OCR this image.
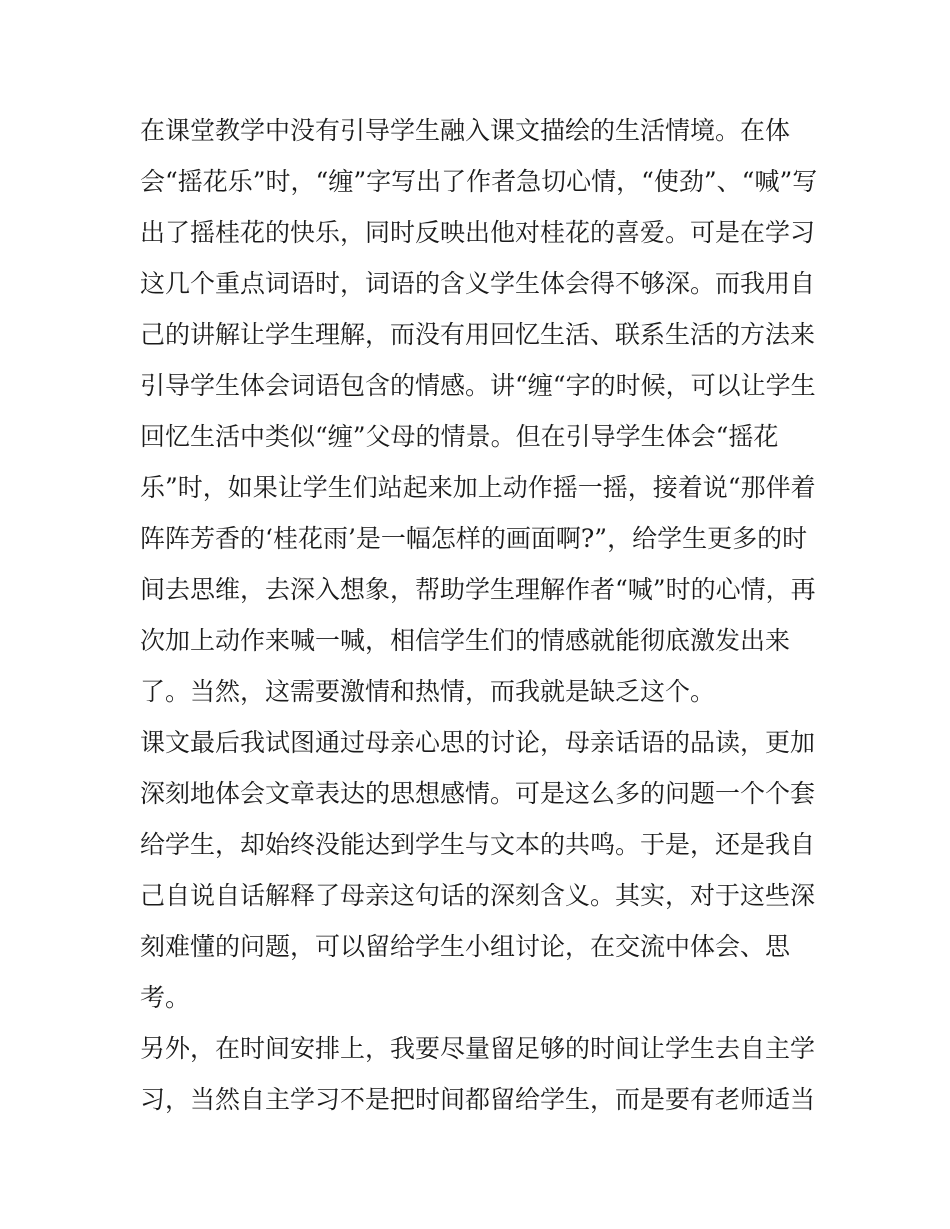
在课堂教学中没有引导学生融入课文描绘的生活情境。在体
会“摇花乐”时，“缠”字写出了作者急切心情，“使劲”、“喊”写
出了摇桂花的快乐，同时反映出他对桂花的喜爱。可是在学习
这几个重点词语时，词语的含义学生体会得不够深。而我用自
己的讲解让学生理解，而没有用回忆生活、联系生活的方法来
引导学生体会词语包含的情感。讲“缠“字的时候，可以让学生
回忆生活中类似“缠”父母的情景。但在引导学生体会“摇花
乐”时，如果让学生们站起来加上动作摇一摇，接着说“那伴着
阵阵芳香的‘桂花雨’是一幅怎样的画面啊?”，给学生更多的时
间去思维，去深入想象，帮助学生理解作者“喊”时的心情，再
次加上动作来喊一喊，相信学生们的情感就能彻底激发出来
了。当然，这需要激情和热情，而我就是缺乏这个。
课文最后我试图通过母亲心思的讨论，母亲话语的品读，更加
深刻地体会文章表达的思想感情。可是这么多的问题一个个套
给学生，却始终没能达到学生与文本的共鸣。于是，还是我自
己自说自话解释了母亲这句话的深刻含义。其实，对于这些深
刻难懂的问题，可以留给学生小组讨论，在交流中体会、思
考。
另外，在时间安排上，我要尽量留足够的时间让学生去自主学
习，当然自主学习不是把时间都留给学生，而是要有老师适当
